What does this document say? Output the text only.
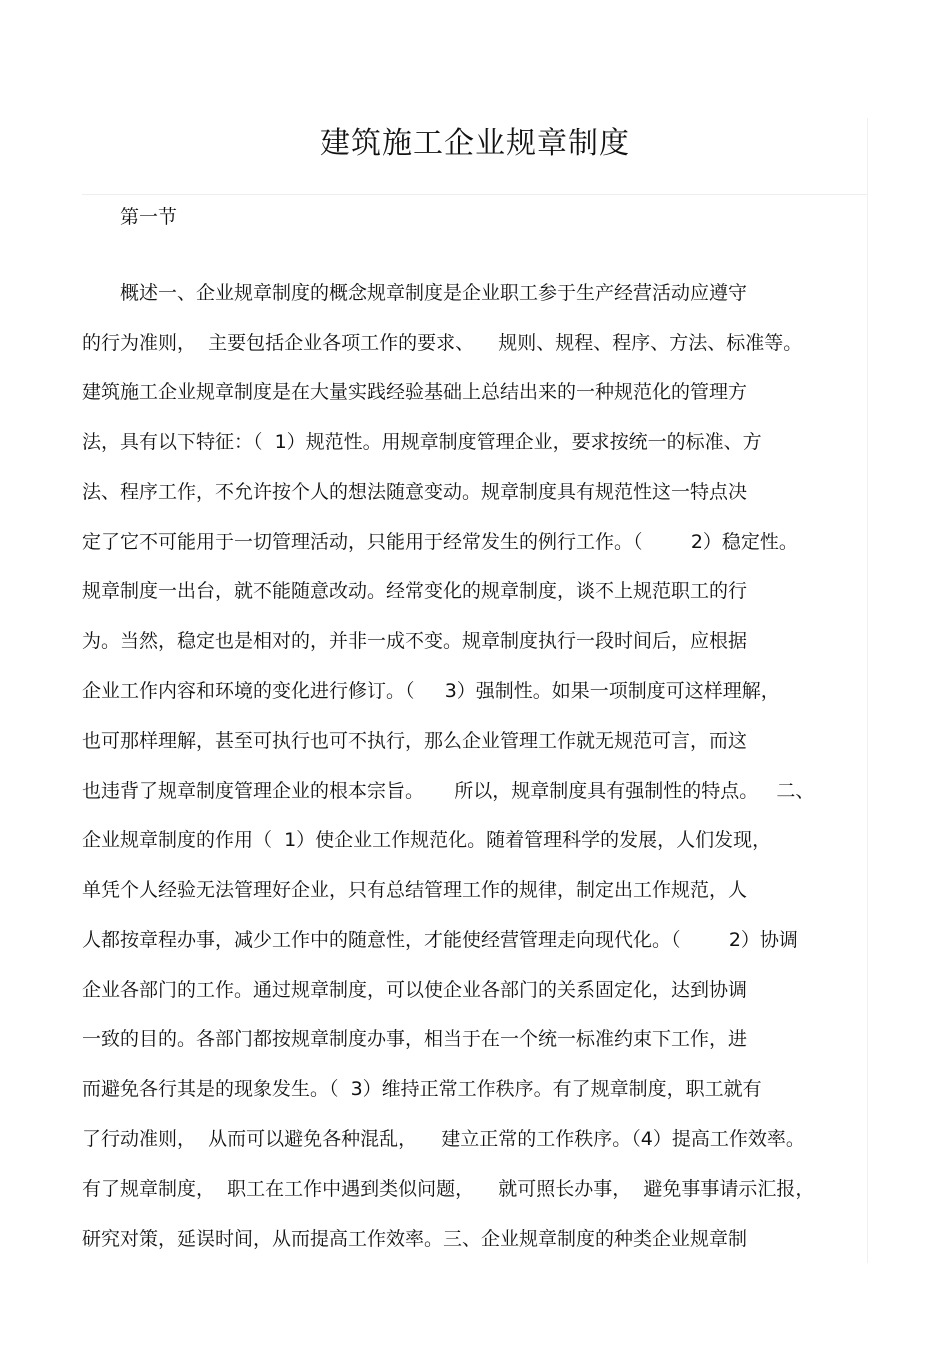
建筑施工企业规章制度
第一节
概述一、企业规章制度的概念规章制度是企业职工参于生产经营活动应遵守
的行为准则，  主要包括企业各项工作的要求、    规则、规程、程序、方法、标准等。
建筑施工企业规章制度是在大量实践经验基础上总结出来的一种规范化的管理方
法，具有以下特征：（  1）规范性。用规章制度管理企业，要求按统一的标准、方
法、程序工作，不允许按个人的想法随意变动。规章制度具有规范性这一特点决
定了它不可能用于一切管理活动，只能用于经常发生的例行工作。（        2）稳定性。
规章制度一出台，就不能随意改动。经常变化的规章制度，谈不上规范职工的行
为。当然，稳定也是相对的，并非一成不变。规章制度执行一段时间后，应根据
企业工作内容和环境的变化进行修订。（     3）强制性。如果一项制度可这样理解，
也可那样理解，甚至可执行也可不执行，那么企业管理工作就无规范可言，而这
也违背了规章制度管理企业的根本宗旨。     所以，规章制度具有强制性的特点。   二、
企业规章制度的作用（  1）使企业工作规范化。随着管理科学的发展，人们发现，
单凭个人经验无法管理好企业，只有总结管理工作的规律，制定出工作规范，人
人都按章程办事，减少工作中的随意性，才能使经营管理走向现代化。（        2）协调
企业各部门的工作。通过规章制度，可以使企业各部门的关系固定化，达到协调
一致的目的。各部门都按规章制度办事，相当于在一个统一标准约束下工作，进
而避免各行其是的现象发生。（  3）维持正常工作秩序。有了规章制度，职工就有
了行动准则，  从而可以避免各种混乱，    建立正常的工作秩序。（4）提高工作效率。
有了规章制度，  职工在工作中遇到类似问题，    就可照长办事，  避免事事请示汇报，
研究对策，延误时间，从而提高工作效率。三、企业规章制度的种类企业规章制
